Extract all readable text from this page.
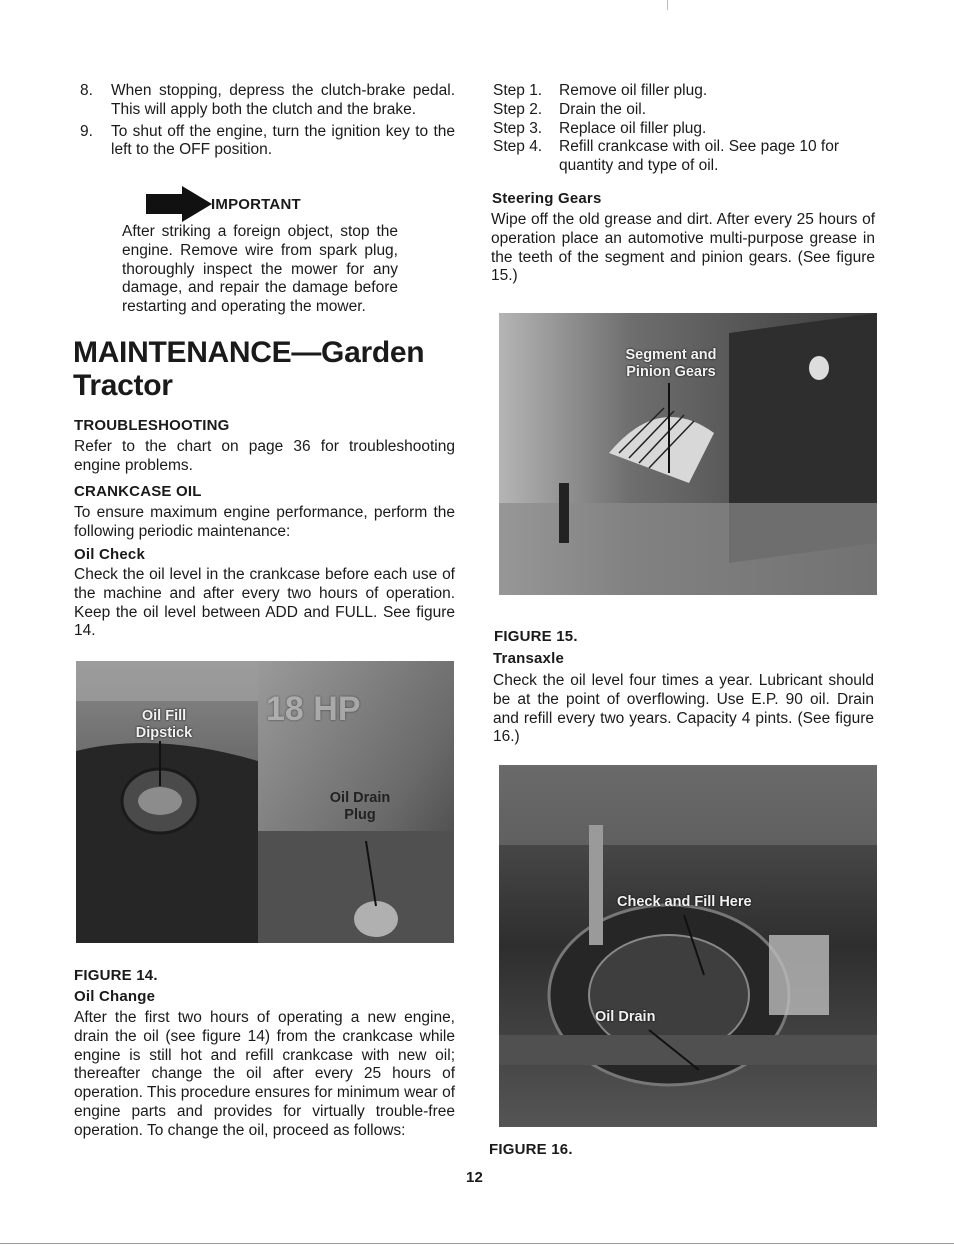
8.	When stopping, depress the clutch-brake pedal. This will apply both the clutch and the brake.
9.	To shut off the engine, turn the ignition key to the left to the OFF position.
IMPORTANT
After striking a foreign object, stop the engine. Remove wire from spark plug, thoroughly inspect the mower for any damage, and repair the damage before restarting and operating the mower.
MAINTENANCE—Garden Tractor
TROUBLESHOOTING
Refer to the chart on page 36 for troubleshooting engine problems.
CRANKCASE OIL
To ensure maximum engine performance, perform the following periodic maintenance:
Oil Check
Check the oil level in the crankcase before each use of the machine and after every two hours of operation. Keep the oil level between ADD and FULL. See figure 14.
18 HP
Oil Fill Dipstick
Oil Drain Plug
FIGURE 14.
Oil Change
After the first two hours of operating a new engine, drain the oil (see figure 14) from the crankcase while engine is still hot and refill crankcase with new oil; thereafter change the oil after every 25 hours of operation. This procedure ensures for minimum wear of engine parts and provides for virtually trouble-free operation. To change the oil, proceed as follows:
Step 1.	Remove oil filler plug.
Step 2.	Drain the oil.
Step 3.	Replace oil filler plug.
Step 4.	Refill crankcase with oil. See page 10 for quantity and type of oil.
Steering Gears
Wipe off the old grease and dirt. After every 25 hours of operation place an automotive multi-purpose grease in the teeth of the segment and pinion gears. (See figure 15.)
Segment and Pinion Gears
FIGURE 15.
Transaxle
Check the oil level four times a year. Lubricant should be at the point of overflowing. Use E.P. 90 oil. Drain and refill every two years. Capacity 4 pints. (See figure 16.)
Check and Fill Here
Oil Drain
FIGURE 16.
12
